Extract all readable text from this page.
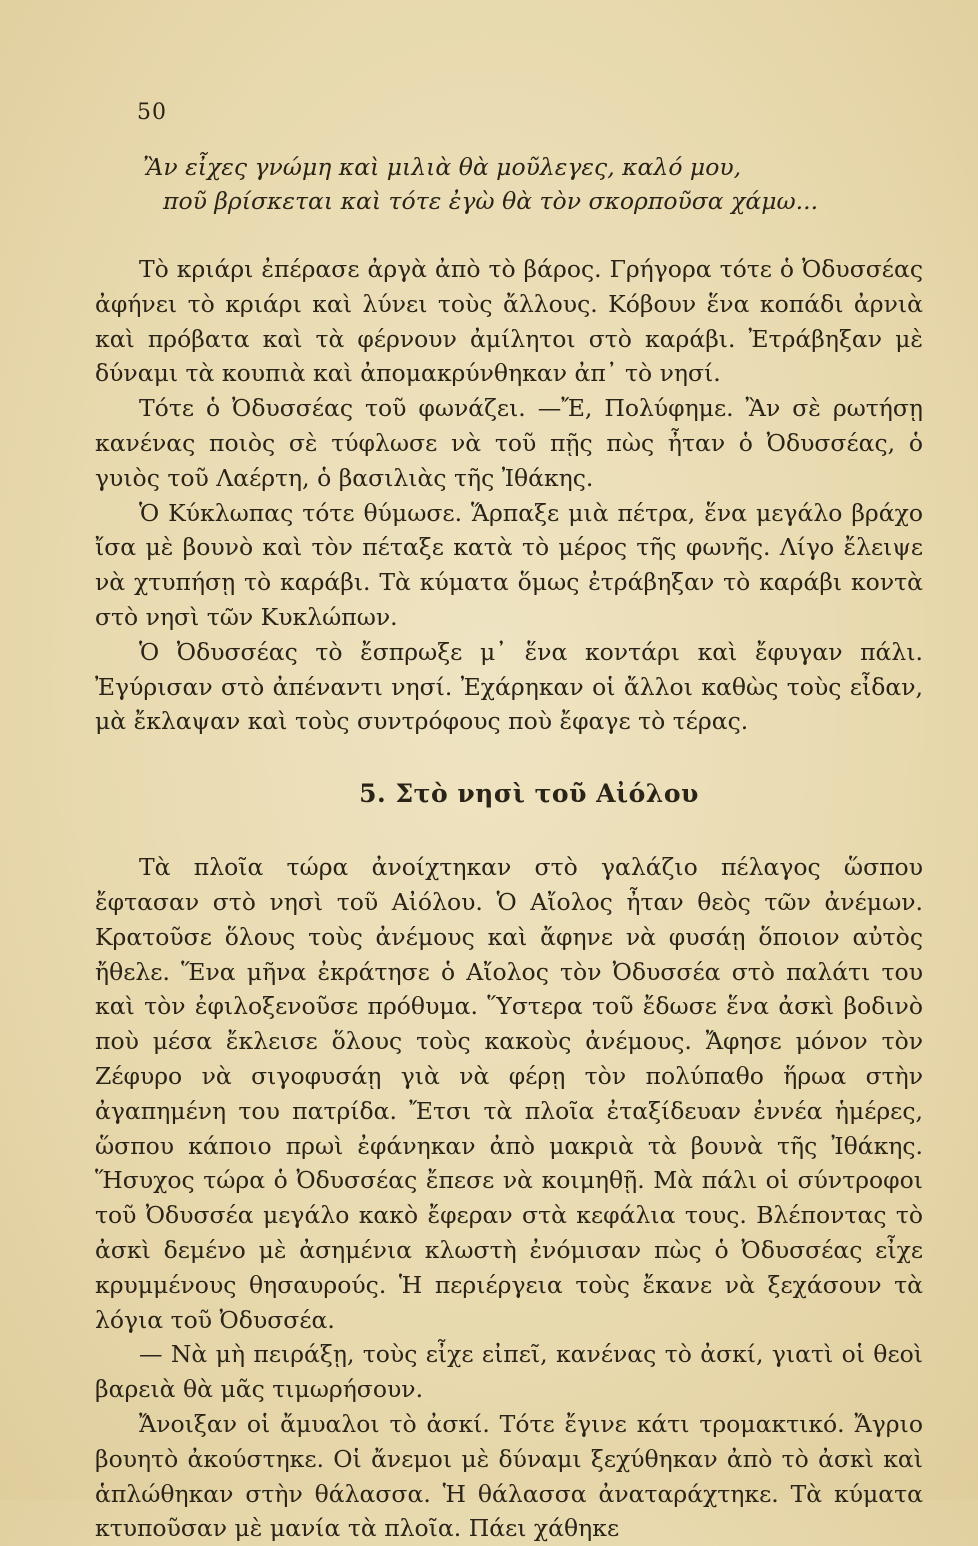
50
Ἂν εἶχες γνώμη καὶ μιλιὰ θὰ μοῦλεγες, καλό μου,
ποῦ βρίσκεται καὶ τότε ἐγὼ θὰ τὸν σκορποῦσα χάμω...

Τὸ κριάρι ἐπέρασε ἀργὰ ἀπὸ τὸ βάρος. Γρήγορα τότε ὁ Ὀδυσσέας ἀφήνει τὸ κριάρι καὶ λύνει τοὺς ἄλλους. Κόβουν ἕνα κοπάδι ἀρνιὰ καὶ πρόβατα καὶ τὰ φέρνουν ἀμίλητοι στὸ καράβι. Ἐτράβηξαν μὲ δύναμι τὰ κουπιὰ καὶ ἀπομακρύνθηκαν ἀπ᾿ τὸ νησί.

Τότε ὁ Ὀδυσσέας τοῦ φωνάζει. —Ἔ, Πολύφημε. Ἂν σὲ ρωτήσῃ κανένας ποιὸς σὲ τύφλωσε νὰ τοῦ πῇς πὼς ἦταν ὁ Ὀδυσσέας, ὁ γυιὸς τοῦ Λαέρτη, ὁ βασιλιὰς τῆς Ἰθάκης.

Ὁ Κύκλωπας τότε θύμωσε. Ἅρπαξε μιὰ πέτρα, ἕνα μεγάλο βράχο ἴσα μὲ βουνὸ καὶ τὸν πέταξε κατὰ τὸ μέρος τῆς φωνῆς. Λίγο ἔλειψε νὰ χτυπήσῃ τὸ καράβι. Τὰ κύματα ὅμως ἐτράβηξαν τὸ καράβι κοντὰ στὸ νησὶ τῶν Κυκλώπων.

Ὁ Ὀδυσσέας τὸ ἔσπρωξε μ᾿ ἕνα κοντάρι καὶ ἔφυγαν πάλι. Ἐγύρισαν στὸ ἀπέναντι νησί. Ἐχάρηκαν οἱ ἄλλοι καθὼς τοὺς εἶδαν, μὰ ἔκλαψαν καὶ τοὺς συντρόφους ποὺ ἔφαγε τὸ τέρας.

5. Στὸ νησὶ τοῦ Αἰόλου

Τὰ πλοῖα τώρα ἀνοίχτηκαν στὸ γαλάζιο πέλαγος ὥσπου ἔφτασαν στὸ νησὶ τοῦ Αἰόλου. Ὁ Αἴολος ἦταν θεὸς τῶν ἀνέμων. Κρατοῦσε ὅλους τοὺς ἀνέμους καὶ ἄφηνε νὰ φυσάῃ ὅποιον αὐτὸς ἤθελε. Ἕνα μῆνα ἐκράτησε ὁ Αἴολος τὸν Ὀδυσσέα στὸ παλάτι του καὶ τὸν ἐφιλοξενοῦσε πρόθυμα. Ὕστερα τοῦ ἔδωσε ἕνα ἀσκὶ βοδινὸ ποὺ μέσα ἔκλεισε ὅλους τοὺς κακοὺς ἀνέμους. Ἄφησε μόνον τὸν Ζέφυρο νὰ σιγοφυσάῃ γιὰ νὰ φέρῃ τὸν πολύπαθο ἥρωα στὴν ἀγαπημένη του πατρίδα. Ἔτσι τὰ πλοῖα ἐταξίδευαν ἐννέα ἡμέρες, ὥσπου κάποιο πρωὶ ἐφάνηκαν ἀπὸ μακριὰ τὰ βουνὰ τῆς Ἰθάκης. Ἥσυχος τώρα ὁ Ὀδυσσέας ἔπεσε νὰ κοιμηθῇ. Μὰ πάλι οἱ σύντροφοι τοῦ Ὀδυσσέα μεγάλο κακὸ ἔφεραν στὰ κεφάλια τους. Βλέποντας τὸ ἀσκὶ δεμένο μὲ ἀσημένια κλωστὴ ἐνόμισαν πὼς ὁ Ὀδυσσέας εἶχε κρυμμένους θησαυρούς. Ἡ περιέργεια τοὺς ἔκανε νὰ ξεχάσουν τὰ λόγια τοῦ Ὀδυσσέα.

— Νὰ μὴ πειράξῃ, τοὺς εἶχε εἰπεῖ, κανένας τὸ ἀσκί, γιατὶ οἱ θεοὶ βαρειὰ θὰ μᾶς τιμωρήσουν.

Ἄνοιξαν οἱ ἄμυαλοι τὸ ἀσκί. Τότε ἔγινε κάτι τρομακτικό. Ἄγριο βουητὸ ἀκούστηκε. Οἱ ἄνεμοι μὲ δύναμι ξεχύθηκαν ἀπὸ τὸ ἀσκὶ καὶ ἁπλώθηκαν στὴν θάλασσα. Ἡ θάλασσα ἀναταράχτηκε. Τὰ κύματα κτυποῦσαν μὲ μανία τὰ πλοῖα. Πάει χάθηκε
